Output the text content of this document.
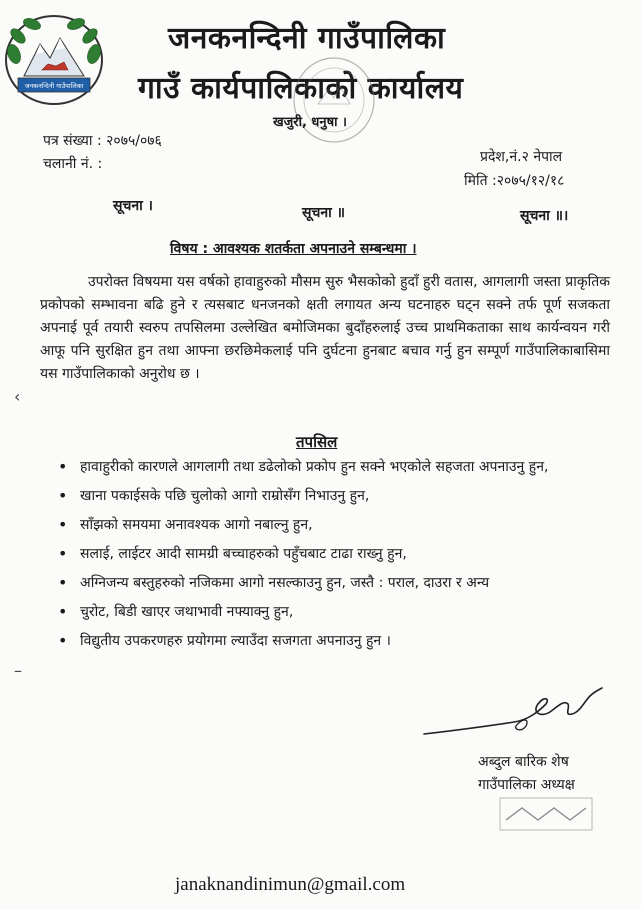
जनकनन्दिनी गाउँपालिका
जनकनन्दिनी गाउँपालिका
गाउँ कार्यपालिकाको कार्यालय
खजुरी, धनुषा ।
पत्र संख्या : २०७५/०७६
चलानी नं. :	प्रदेश,नं.२ नेपाल
मिति :२०७५/१२/१८
सूचना ।	सूचना ॥	सूचना ॥।
विषय : आवश्यक शतर्कता अपनाउने सम्बन्धमा ।

उपरोक्त विषयमा यस वर्षको हावाहुरुको मौसम सुरु भैसकोको हुदाँ हुरी वतास, आगलागी जस्ता प्राकृतिक प्रकोपको सम्भावना बढि हुने र त्यसबाट धनजनको क्षती लगायत अन्य घटनाहरु घट्न सक्ने तर्फ पूर्ण सजकता अपनाई पूर्व तयारी स्वरुप तपसिलमा उल्लेखित बमोजिमका बुदाँहरुलाई उच्च प्राथमिकताका साथ कार्यन्वयन गरी आफू पनि सुरक्षित हुन तथा आफ्ना छरछिमेकलाई पनि दुर्घटना हुनबाट बचाव गर्नु हुन सम्पूर्ण गाउँपालिकाबासिमा यस गाउँपालिकाको अनुरोध छ ।

तपसिल
‹
–
• हावाहुरीको कारणले आगलागी तथा डढेलोको प्रकोप हुन सक्ने भएकोले सहजता अपनाउनु हुन,
• खाना पकाईसके पछि चुलोको आगो राम्रोसँग निभाउनु हुन,
• साँझको समयमा अनावश्यक आगो नबाल्नु हुन,
• सलाई, लाईटर आदी सामग्री बच्चाहरुको पहुँचबाट टाढा राख्नु हुन,
• अग्निजन्य बस्तुहरुको नजिकमा आगो नसल्काउनु हुन, जस्तै : पराल, दाउरा र अन्य
• चुरोट, बिडी खाएर जथाभावी नफ्याक्नु हुन,
• विद्युतीय उपकरणहरु प्रयोगमा ल्याउँदा सजगता अपनाउनु हुन ।
अब्दुल बारिक शेष
गाउँपालिका अध्यक्ष
janaknandinimun@gmail.com
